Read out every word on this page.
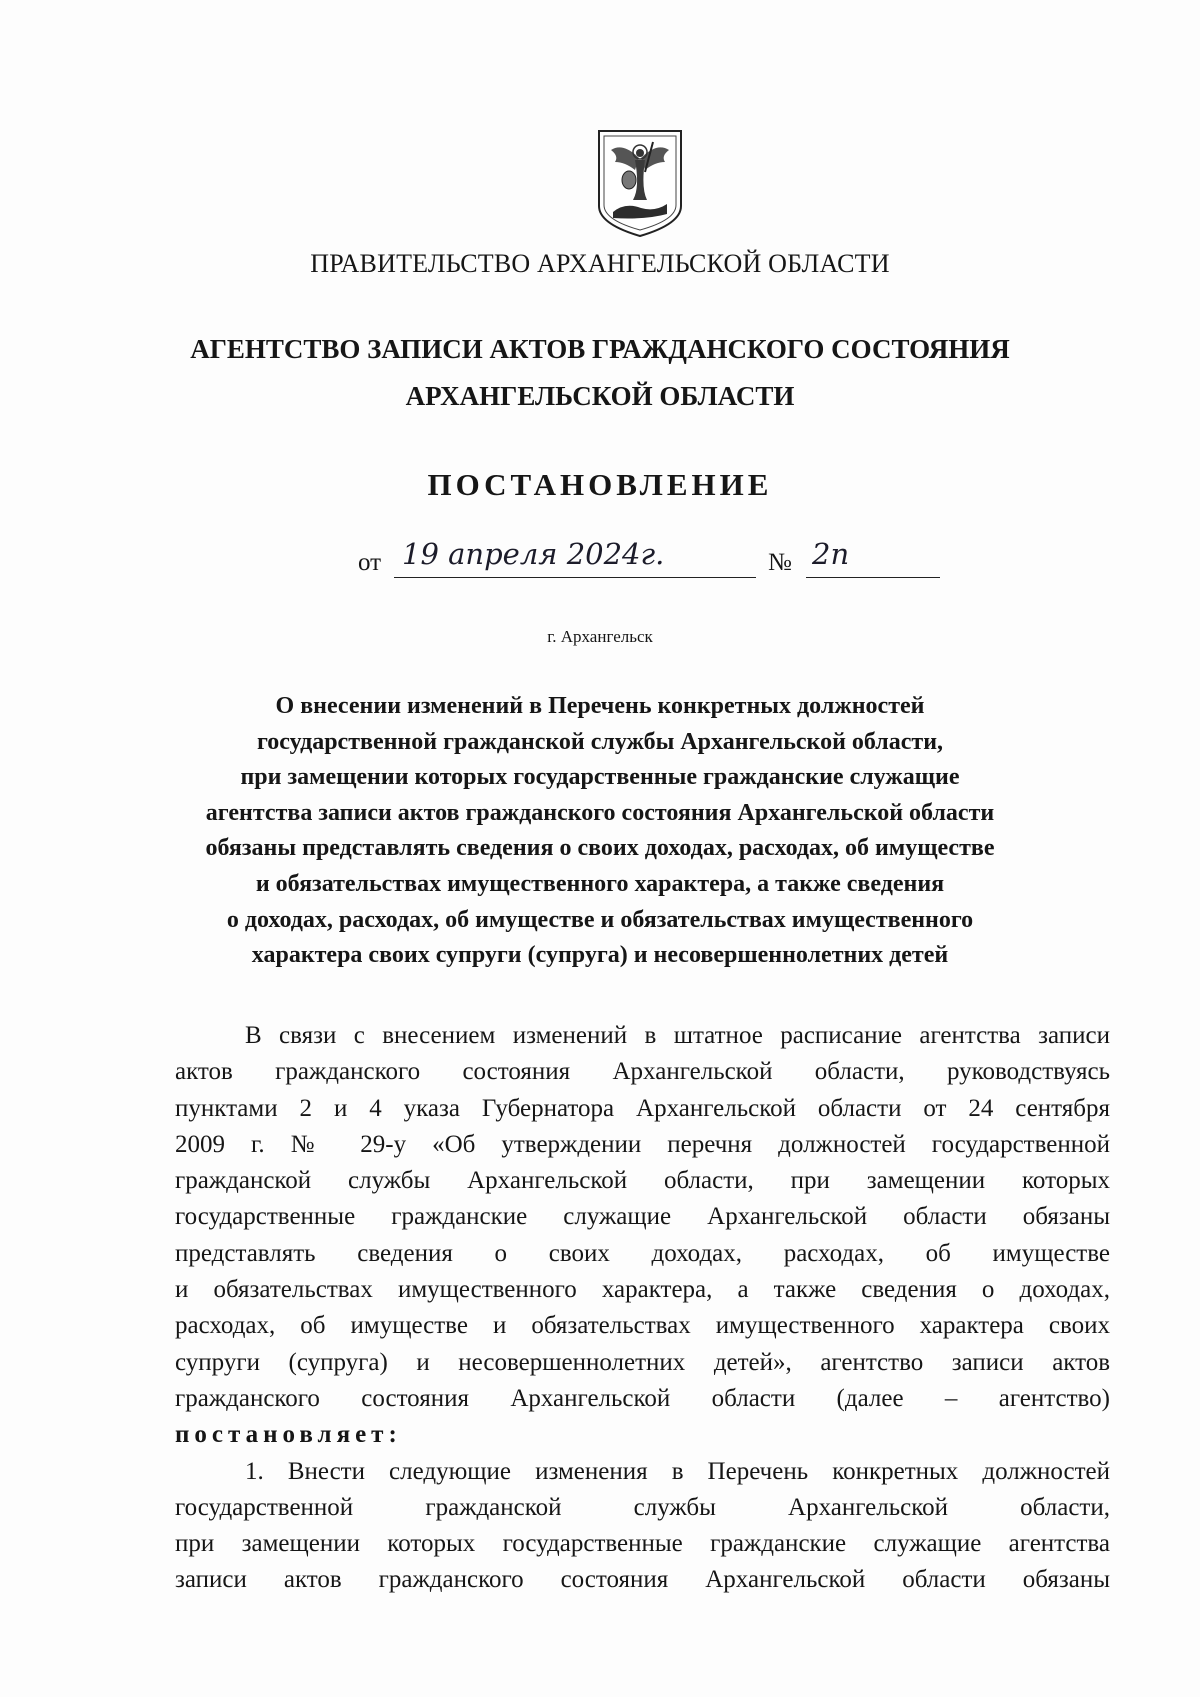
ПРАВИТЕЛЬСТВО АРХАНГЕЛЬСКОЙ ОБЛАСТИ
АГЕНТСТВО ЗАПИСИ АКТОВ ГРАЖДАНСКОГО СОСТОЯНИЯ
АРХАНГЕЛЬСКОЙ ОБЛАСТИ
ПОСТАНОВЛЕНИЕ
от 19 апреля 2024г.	№ 2п
г. Архангельск
О внесении изменений в Перечень конкретных должностей
государственной гражданской службы Архангельской области,
при замещении которых государственные гражданские служащие
агентства записи актов гражданского состояния Архангельской области
обязаны представлять сведения о своих доходах, расходах, об имуществе
и обязательствах имущественного характера, а также сведения
о доходах, расходах, об имуществе и обязательствах имущественного
характера своих супруги (супруга) и несовершеннолетних детей
В связи с внесением изменений в штатное расписание агентства записи
актов гражданского состояния Архангельской области, руководствуясь
пунктами 2 и 4 указа Губернатора Архангельской области от 24 сентября
2009 г. № 29-у «Об утверждении перечня должностей государственной
гражданской службы Архангельской области, при замещении которых
государственные гражданские служащие Архангельской области обязаны
представлять сведения о своих доходах, расходах, об имуществе
и обязательствах имущественного характера, а также сведения о доходах,
расходах, об имуществе и обязательствах имущественного характера своих
супруги (супруга) и несовершеннолетних детей», агентство записи актов
гражданского состояния Архангельской области (далее – агентство)
постановляет:
1. Внести следующие изменения в Перечень конкретных должностей
государственной гражданской службы Архангельской области,
при замещении которых государственные гражданские служащие агентства
записи актов гражданского состояния Архангельской области обязаны
